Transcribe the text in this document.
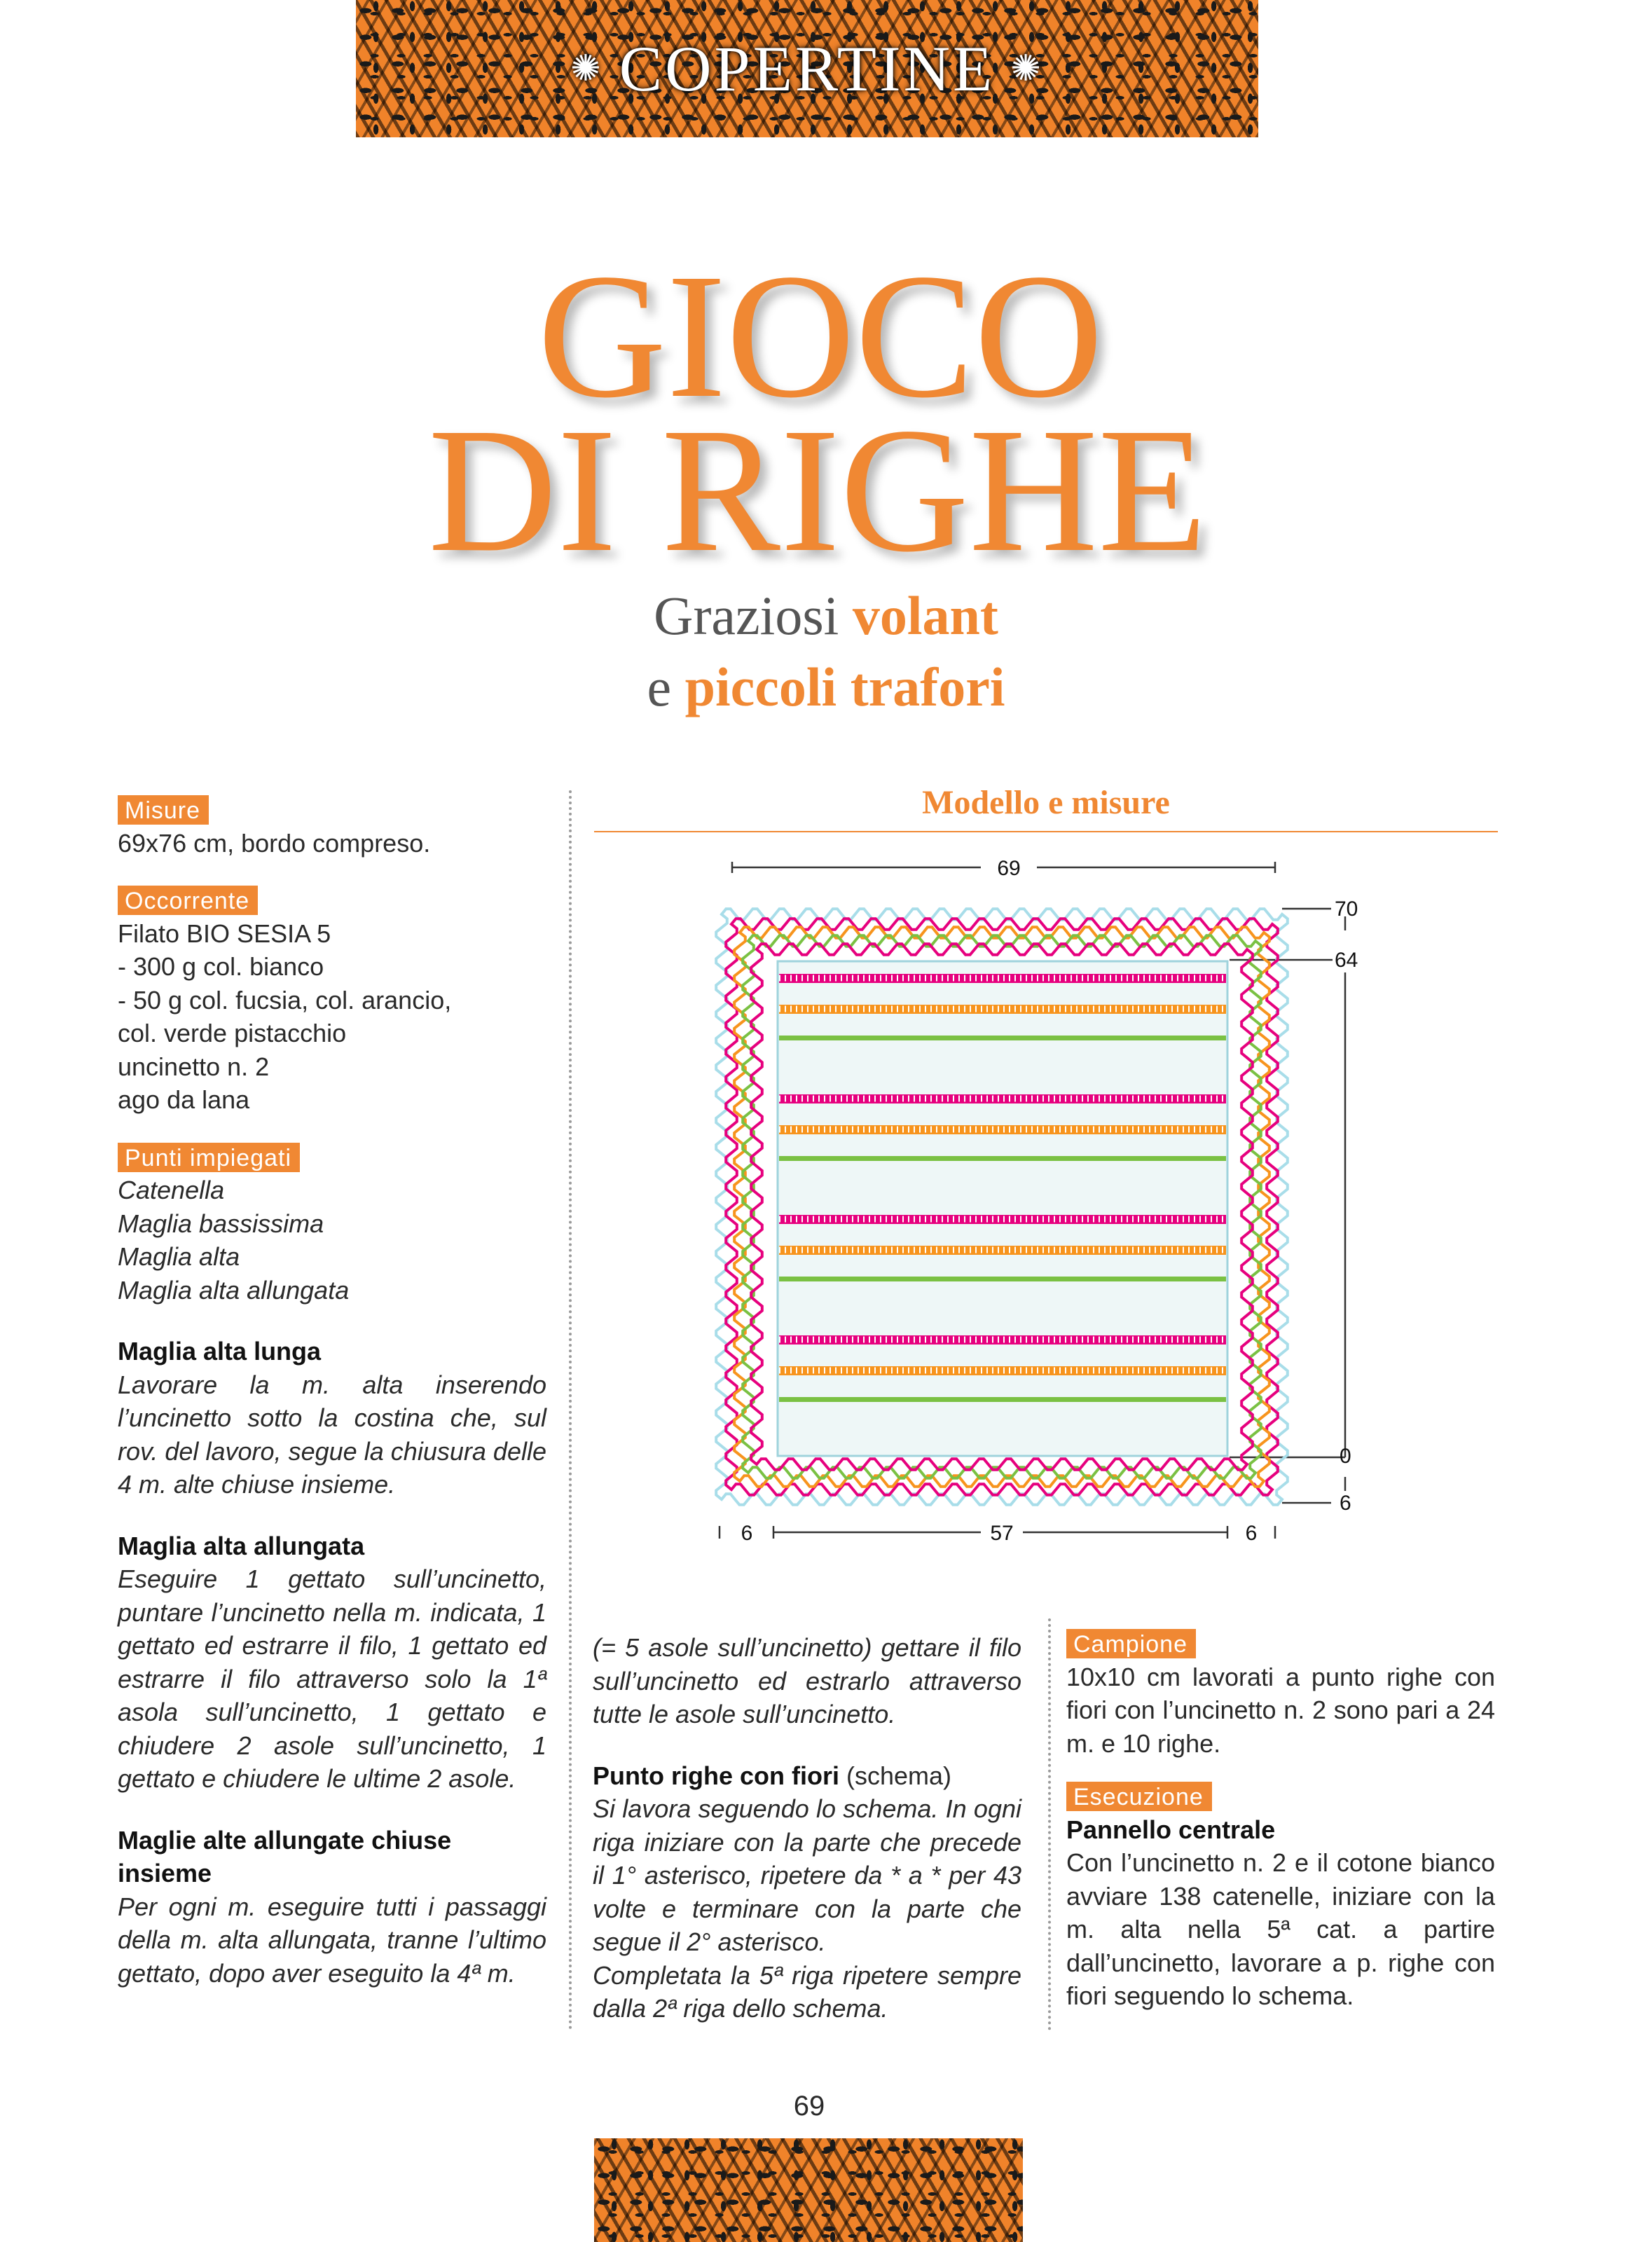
✺ COPERTINE ✺
GIOCO
DI RIGHE
Graziosi volant
e piccoli trafori
Misure

69x76 cm, bordo compreso.

Occorrente

Filato BIO SESIA 5

- 300 g col. bianco

- 50 g col. fucsia, col. arancio,

col. verde pistacchio

uncinetto n. 2

ago da lana

Punti impiegati

Catenella

Maglia bassissima

Maglia alta

Maglia alta allungata

Maglia alta lunga

Lavorare la m. alta inserendo l’uncinetto sotto la costina che, sul rov. del lavoro, segue la chiusura delle 4 m. alte chiuse insieme.

Maglia alta allungata

Eseguire 1 gettato sull’uncinetto, puntare l’uncinetto nella m. indicata, 1 gettato ed estrarre il filo, 1 gettato ed estrarre il filo attraverso solo la 1ª asola sull’uncinetto, 1 gettato e chiudere 2 asole sull’uncinetto, 1 gettato e chiudere le ultime 2 asole.

Maglie alte allungate chiuse insieme

Per ogni m. eseguire tutti i passaggi della m. alta allungata, tranne l’ultimo gettato, dopo aver eseguito la 4ª m.

Modello e misure
69
70
64
0
6
6	57	6

(= 5 asole sull’uncinetto) gettare il filo sull’uncinetto ed estrarlo attraverso tutte le asole sull’uncinetto.

Punto righe con fiori (schema)

Si lavora seguendo lo schema. In ogni riga iniziare con la parte che precede il 1° asterisco, ripetere da * a * per 43 volte e terminare con la parte che segue il 2° asterisco.

Completata la 5ª riga ripetere sempre dalla 2ª riga dello schema.

Campione

10x10 cm lavorati a punto righe con fiori con l’uncinetto n. 2 sono pari a 24 m. e 10 righe.

Esecuzione

Pannello centrale

Con l’uncinetto n. 2 e il cotone bianco avviare 138 catenelle, iniziare con la m. alta nella 5ª cat. a partire dall’uncinetto, lavorare a p. righe con fiori seguendo lo schema.

69
